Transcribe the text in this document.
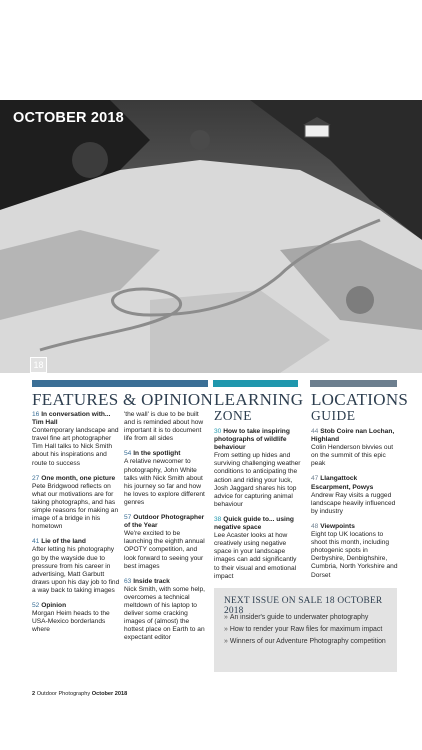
OCTOBER 2018
18
FEATURES & OPINION LEARNING
ZONE
LOCATIONS
GUIDE
16 In conversation with... Tim Hall
Contemporary landscape and travel fine art photographer Tim Hall talks to Nick Smith about his inspirations and route to success
27 One month, one picture
Pete Bridgwood reflects on what our motivations are for taking photographs, and has simple reasons for making an image of a bridge in his hometown
41 Lie of the land
After letting his photography go by the wayside due to pressure from his career in advertising, Matt Garbutt draws upon his day job to find a way back to taking images
52 Opinion
Morgan Heim heads to the USA-Mexico borderlands where
'the wall' is due to be built and is reminded about how important it is to document life from all sides
54 In the spotlight
A relative newcomer to photography, John White talks with Nick Smith about his journey so far and how he loves to explore different genres
57 Outdoor Photographer of the Year
We're excited to be launching the eighth annual OPOTY competition, and look forward to seeing your best images
63 Inside track
Nick Smith, with some help, overcomes a technical meltdown of his laptop to deliver some cracking images of (almost) the hottest place on Earth to an expectant editor
30 How to take inspiring photographs of wildlife behaviour
From setting up hides and surviving challenging weather conditions to anticipating the action and riding your luck, Josh Jaggard shares his top advice for capturing animal behaviour
38 Quick guide to... using negative space
Lee Acaster looks at how creatively using negative space in your landscape images can add significantly to their visual and emotional impact
44 Stob Coire nan Lochan, Highland
Colin Henderson bivvies out on the summit of this epic peak
47 Llangattock Escarpment, Powys
Andrew Ray visits a rugged landscape heavily influenced by industry
48 Viewpoints
Eight top UK locations to shoot this month, including photogenic spots in Derbyshire, Denbighshire, Cumbria, North Yorkshire and Dorset
NEXT ISSUE ON SALE 18 OCTOBER 2018
» An insider's guide to underwater photography
» How to render your Raw files for maximum impact
» Winners of our Adventure Photography competition
2 Outdoor Photography October 2018
